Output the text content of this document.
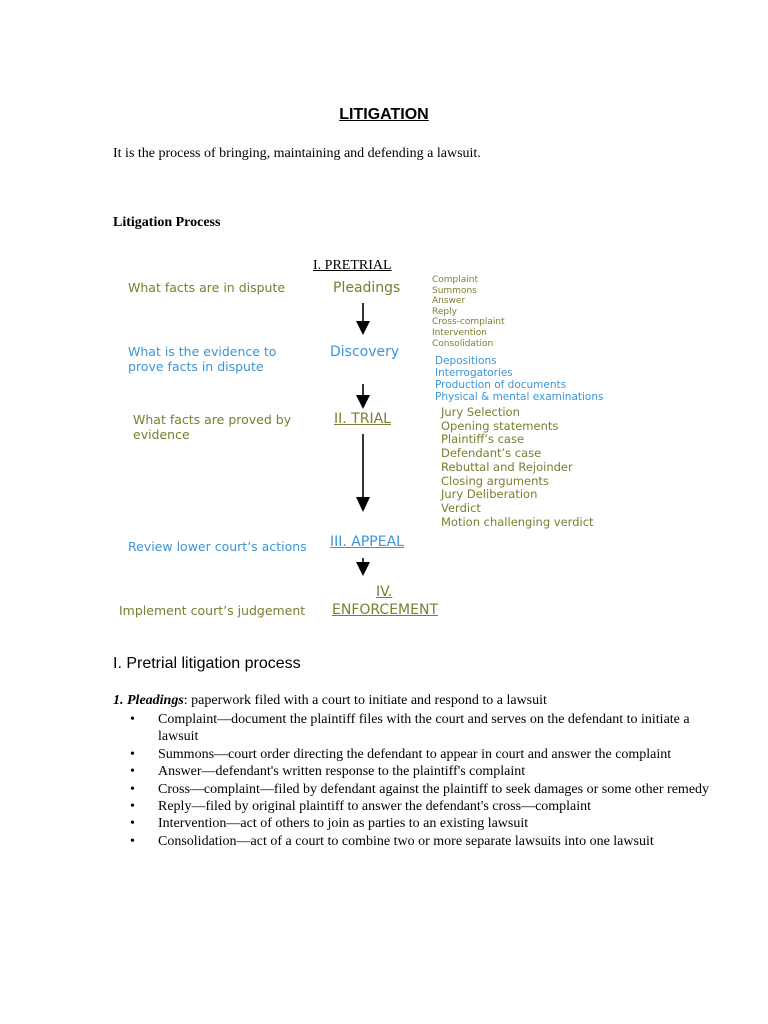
LITIGATION
It is the process of bringing, maintaining and defending a lawsuit.
Litigation Process
I. PRETRIAL
What facts are in dispute
What is the evidence to
prove facts in dispute
What facts are proved by
evidence
Review lower court’s actions
Implement court’s judgement
Pleadings
Discovery
II. TRIAL
III. APPEAL
IV.
ENFORCEMENT
Complaint
Summons
Answer
Reply
Cross-complaint
Intervention
Consolidation
Depositions
Interrogatories
Production of documents
Physical & mental examinations
Jury Selection
Opening statements
Plaintiff’s case
Defendant’s case
Rebuttal and Rejoinder
Closing arguments
Jury Deliberation
Verdict
Motion challenging verdict
I. Pretrial litigation process
1. Pleadings: paperwork filed with a court to initiate and respond to a lawsuit
• Complaint—document the plaintiff files with the court and serves on the defendant to initiate a lawsuit
• Summons—court order directing the defendant to appear in court and answer the complaint
• Answer—defendant's written response to the plaintiff's complaint
• Cross—complaint—filed by defendant against the plaintiff to seek damages or some other remedy
• Reply—filed by original plaintiff to answer the defendant's cross—complaint
• Intervention—act of others to join as parties to an existing lawsuit
• Consolidation—act of a court to combine two or more separate lawsuits into one lawsuit
